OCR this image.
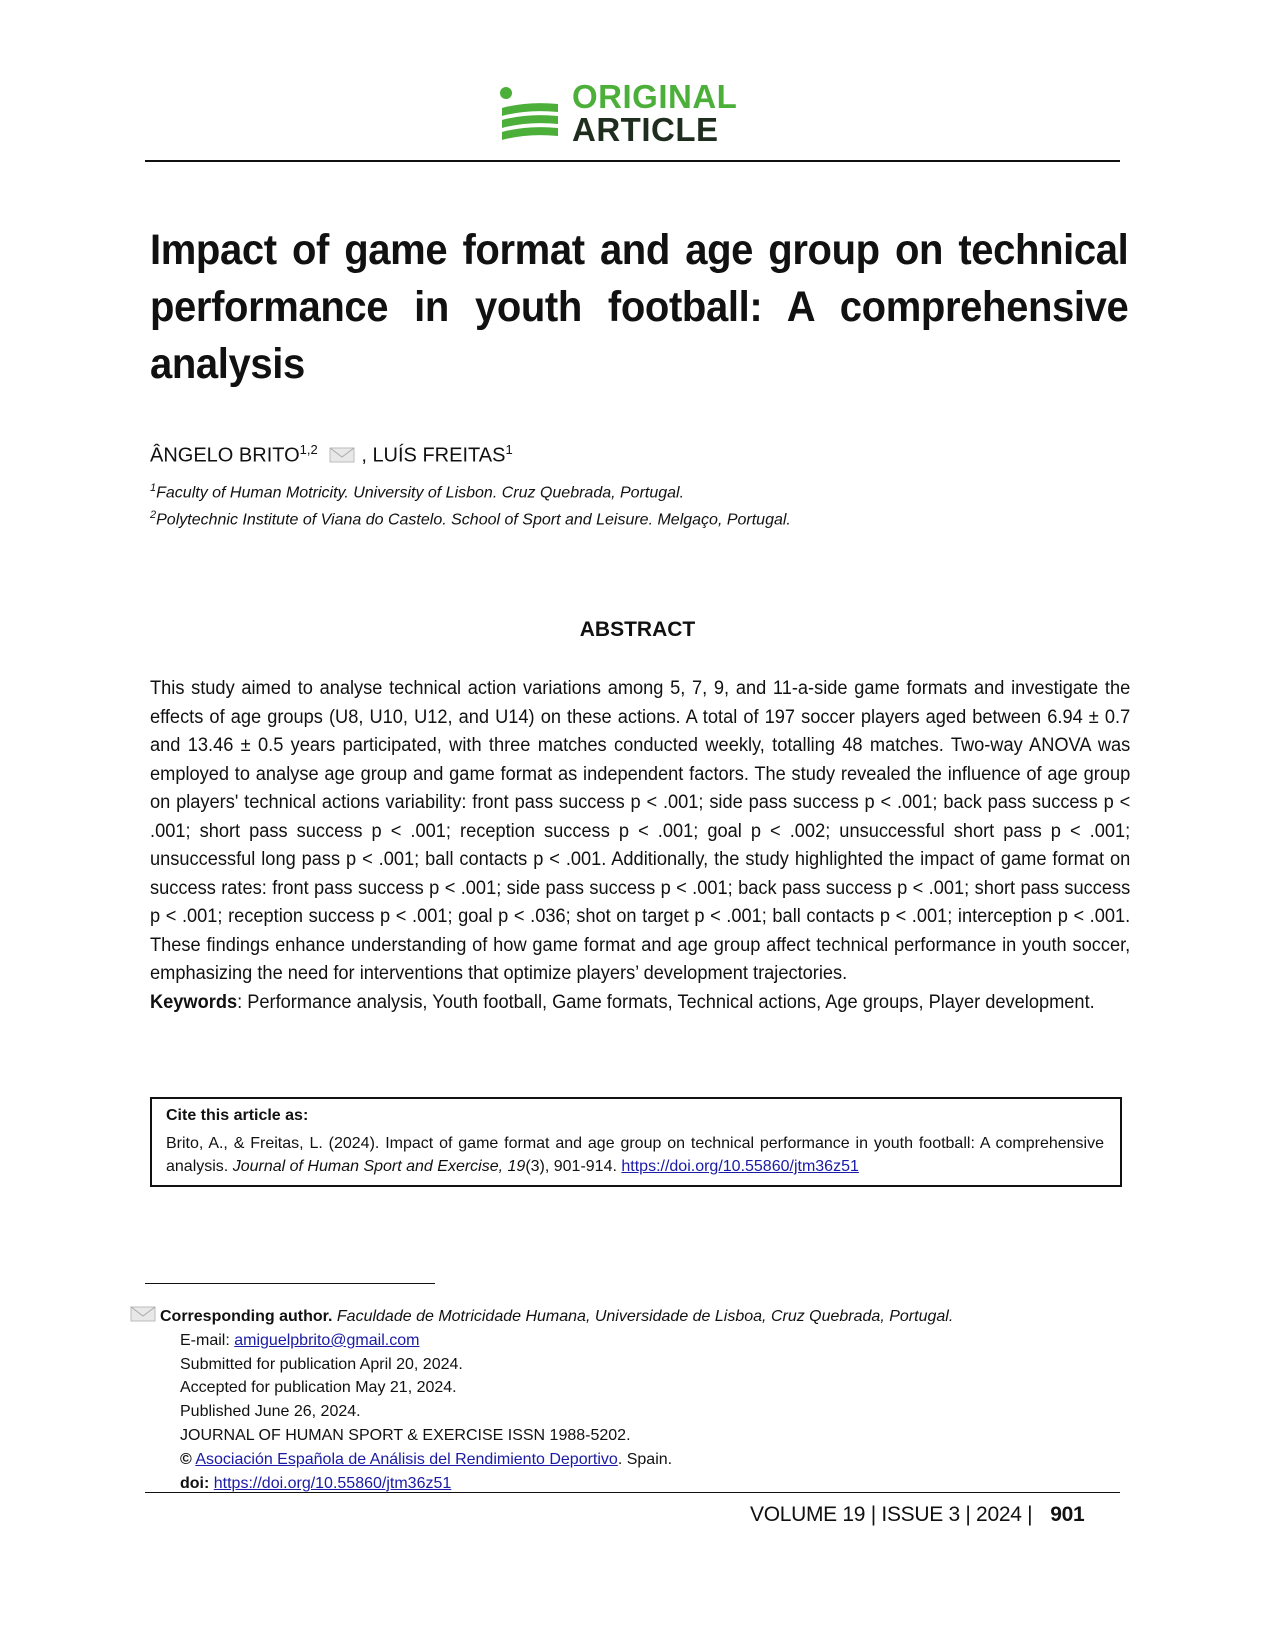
ORIGINAL
ARTICLE
Impact of game format and age group on technical performance in youth football: A comprehensive analysis
ÂNGELO BRITO$^{1,2}$ , LUÍS FREITAS$^1$
$^1$Faculty of Human Motricity. University of Lisbon. Cruz Quebrada, Portugal.
$^2$Polytechnic Institute of Viana do Castelo. School of Sport and Leisure. Melgaço, Portugal.
ABSTRACT

This study aimed to analyse technical action variations among 5, 7, 9, and 11-a-side game formats and investigate the effects of age groups (U8, U10, U12, and U14) on these actions. A total of 197 soccer players aged between 6.94 ± 0.7 and 13.46 ± 0.5 years participated, with three matches conducted weekly, totalling 48 matches. Two-way ANOVA was employed to analyse age group and game format as independent factors. The study revealed the influence of age group on players' technical actions variability: front pass success p < .001; side pass success p < .001; back pass success p < .001; short pass success p < .001; reception success p < .001; goal p < .002; unsuccessful short pass p < .001; unsuccessful long pass p < .001; ball contacts p < .001. Additionally, the study highlighted the impact of game format on success rates: front pass success p < .001; side pass success p < .001; back pass success p < .001; short pass success p < .001; reception success p < .001; goal p < .036; shot on target p < .001; ball contacts p < .001; interception p < .001. These findings enhance understanding of how game format and age group affect technical performance in youth soccer, emphasizing the need for interventions that optimize players’ development trajectories.

Keywords: Performance analysis, Youth football, Game formats, Technical actions, Age groups, Player development.

Cite this article as:
Brito, A., & Freitas, L. (2024). Impact of game format and age group on technical performance in youth football: A comprehensive analysis. Journal of Human Sport and Exercise, 19(3), 901-914. https://doi.org/10.55860/jtm36z51
Corresponding author. Faculdade de Motricidade Humana, Universidade de Lisboa, Cruz Quebrada, Portugal.
E-mail: amiguelpbrito@gmail.com
Submitted for publication April 20, 2024.
Accepted for publication May 21, 2024.
Published June 26, 2024.
JOURNAL OF HUMAN SPORT & EXERCISE ISSN 1988-5202.
© Asociación Española de Análisis del Rendimiento Deportivo. Spain.
doi: https://doi.org/10.55860/jtm36z51
VOLUME 19 | ISSUE 3 | 2024 | 901
